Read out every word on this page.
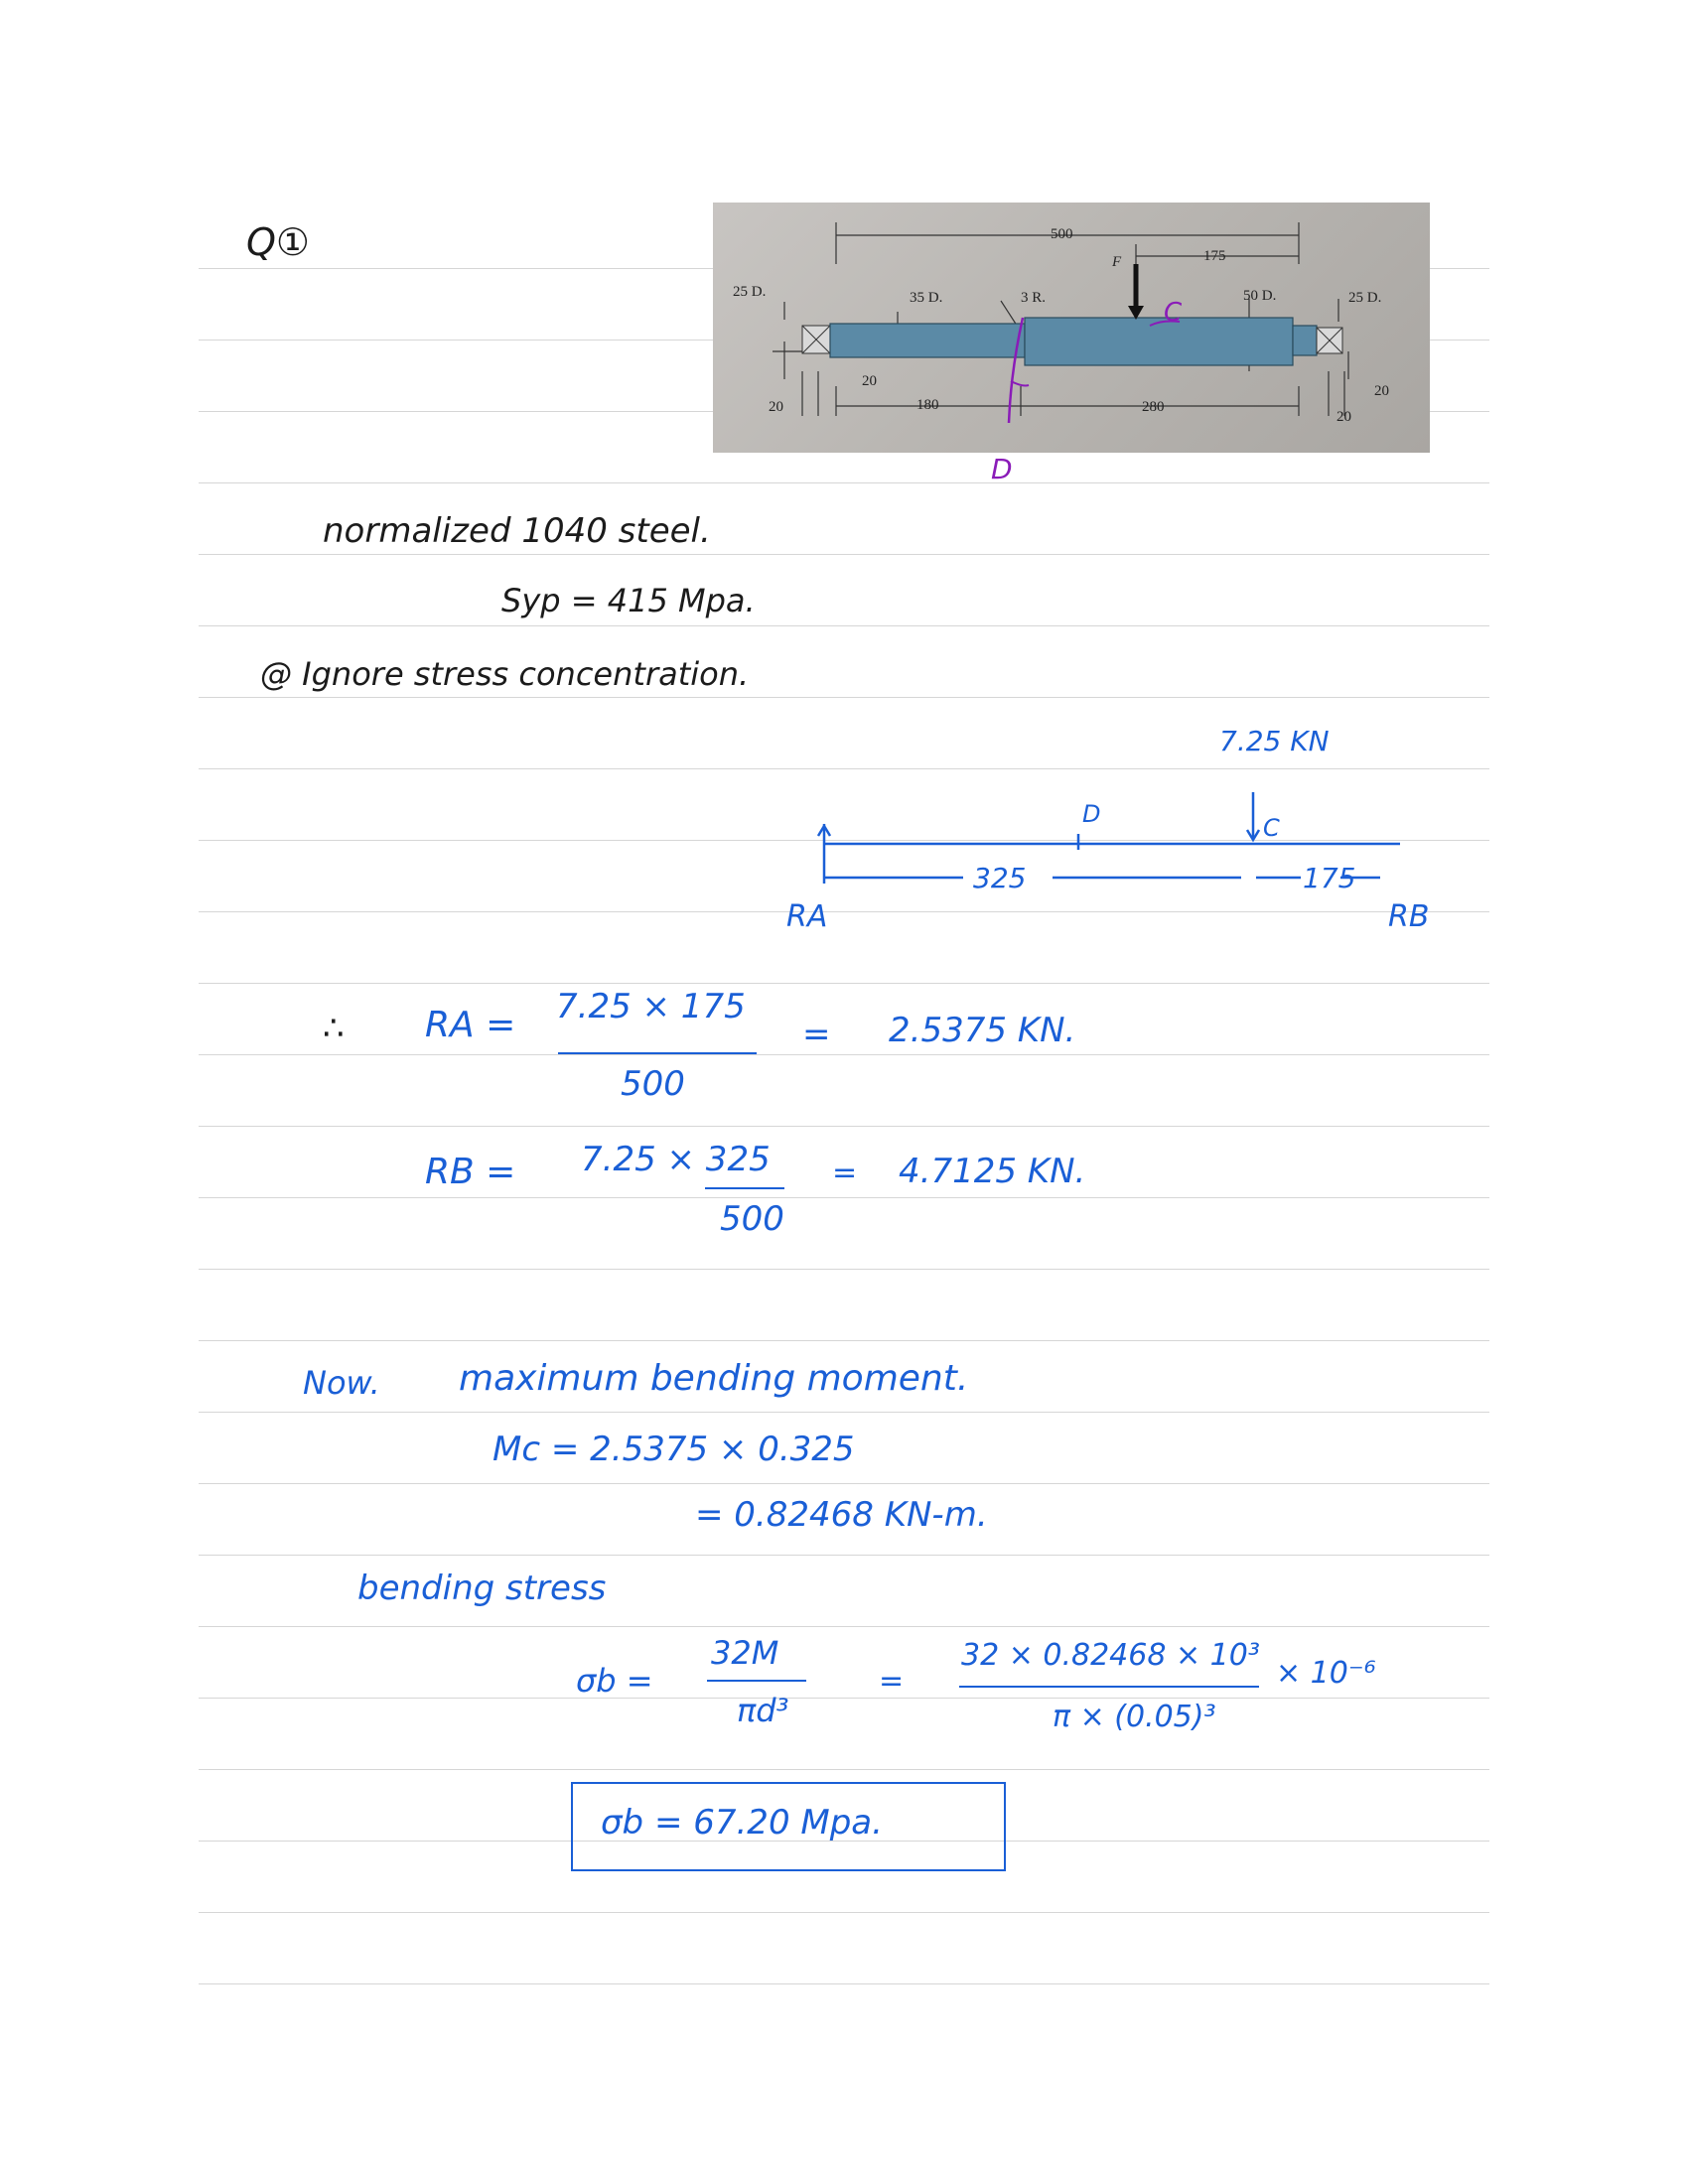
Q①	500
F	175
25 D.	35 D.	3 R.	50 D.	25 D.
20
20	180	280
20
20
C
D
normalized 1040 steel.
Syp = 415 Mpa.
@ Ignore stress concentration.
7.25 KN
D	C
325	175
RA	RB
∴ RA = 7.25 × 175
500
= 2.5375 KN.
RB = 7.25 × 325
500
= 4.7125 KN.
Now. maximum bending moment.
Mc = 2.5375 × 0.325
= 0.82468 KN-m.
bending stress
σb =
32M
πd³
=
32 × 0.82468 × 10³
× 10⁻⁶
π × (0.05)³
σb = 67.20 Mpa.
